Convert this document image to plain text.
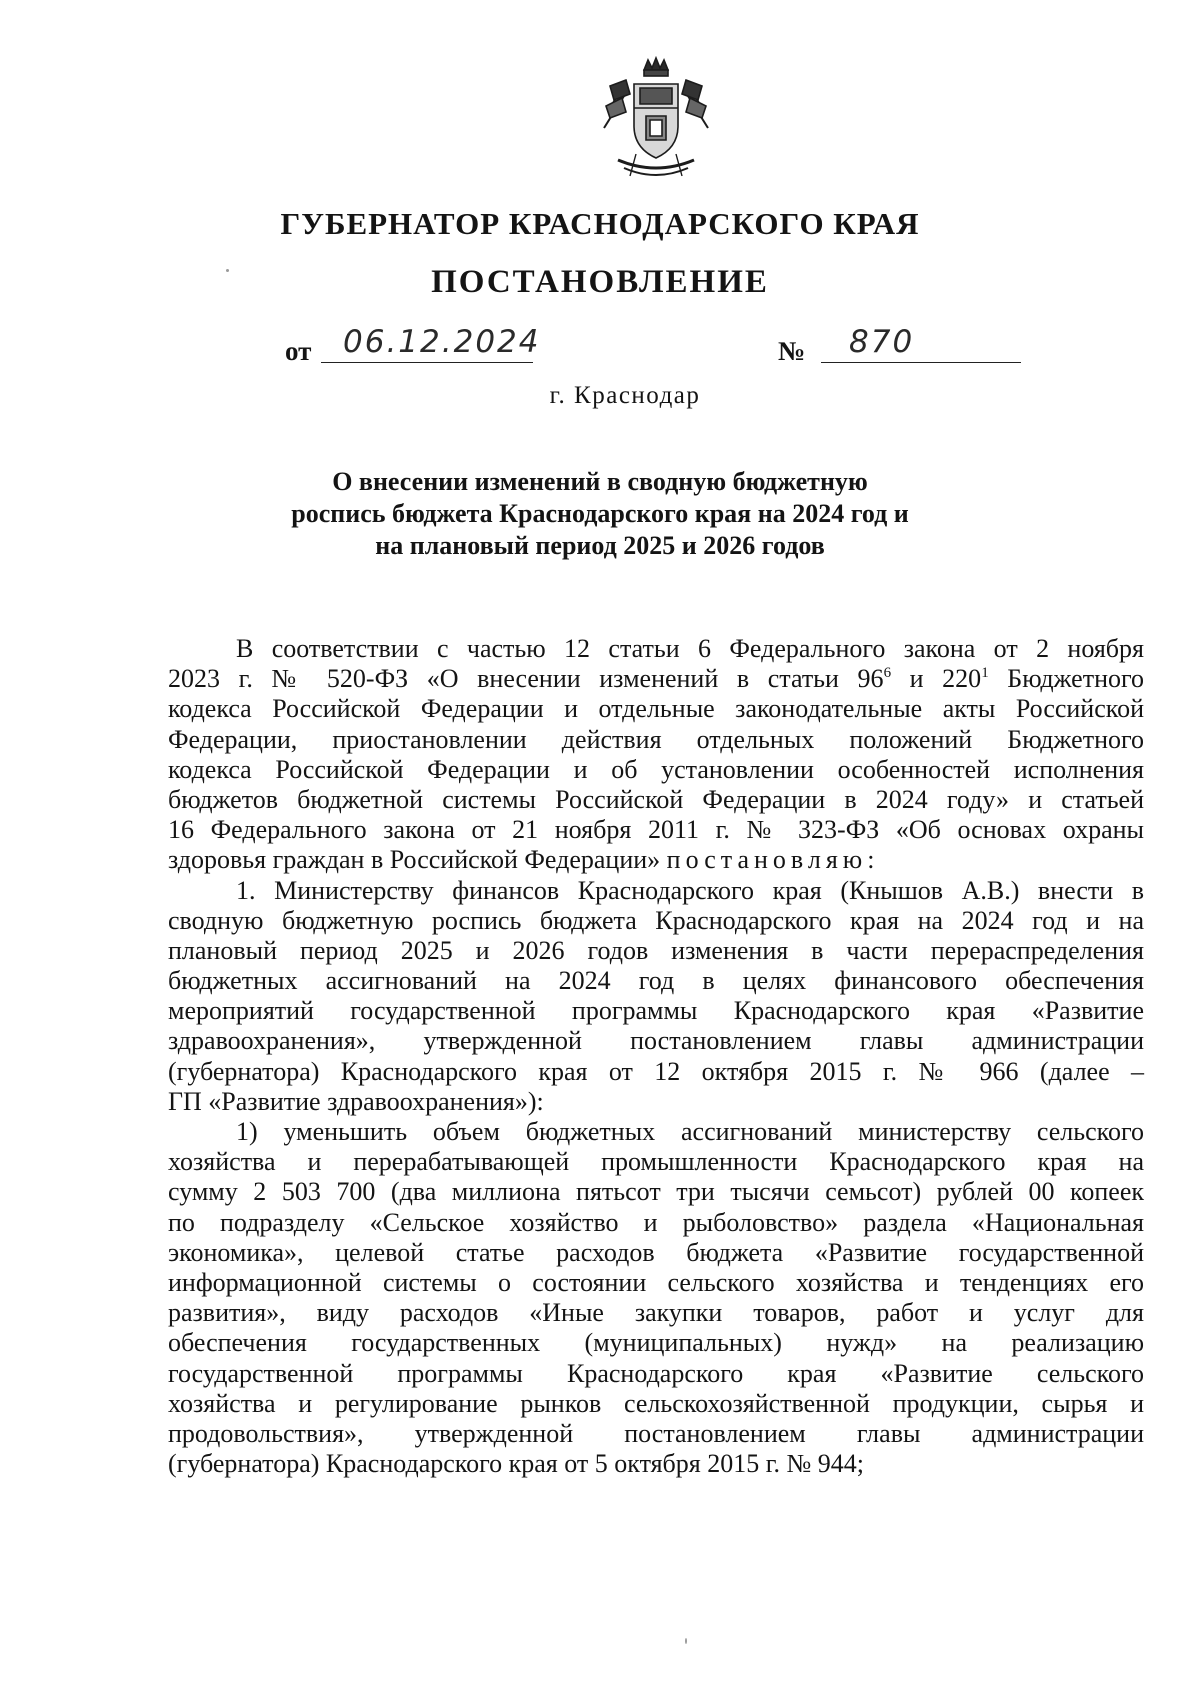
ГУБЕРНАТОР КРАСНОДАРСКОГО КРАЯ
ПОСТАНОВЛЕНИЕ
от 06.12.2024	№ 870
г. Краснодар
О внесении изменений в сводную бюджетную
роспись бюджета Краснодарского края на 2024 год и
на плановый период 2025 и 2026 годов
В соответствии с частью 12 статьи 6 Федерального закона от 2 ноября
2023 г. № 520-ФЗ «О внесении изменений в статьи $96^6$ и $220^1$ Бюджетного
кодекса Российской Федерации и отдельные законодательные акты Российской
Федерации, приостановлении действия отдельных положений Бюджетного
кодекса Российской Федерации и об установлении особенностей исполнения
бюджетов бюджетной системы Российской Федерации в 2024 году» и статьей
16 Федерального закона от 21 ноября 2011 г. № 323-ФЗ «Об основах охраны
здоровья граждан в Российской Федерации» постановляю:
1. Министерству финансов Краснодарского края (Кнышов А.В.) внести в
сводную бюджетную роспись бюджета Краснодарского края на 2024 год и на
плановый период 2025 и 2026 годов изменения в части перераспределения
бюджетных ассигнований на 2024 год в целях финансового обеспечения
мероприятий государственной программы Краснодарского края «Развитие
здравоохранения», утвержденной постановлением главы администрации
(губернатора) Краснодарского края от 12 октября 2015 г. № 966 (далее –
ГП «Развитие здравоохранения»):
1) уменьшить объем бюджетных ассигнований министерству сельского
хозяйства и перерабатывающей промышленности Краснодарского края на
сумму 2 503 700 (два миллиона пятьсот три тысячи семьсот) рублей 00 копеек
по подразделу «Сельское хозяйство и рыболовство» раздела «Национальная
экономика», целевой статье расходов бюджета «Развитие государственной
информационной системы о состоянии сельского хозяйства и тенденциях его
развития», виду расходов «Иные закупки товаров, работ и услуг для
обеспечения государственных (муниципальных) нужд» на реализацию
государственной программы Краснодарского края «Развитие сельского
хозяйства и регулирование рынков сельскохозяйственной продукции, сырья и
продовольствия», утвержденной постановлением главы администрации
(губернатора) Краснодарского края от 5 октября 2015 г. № 944;
